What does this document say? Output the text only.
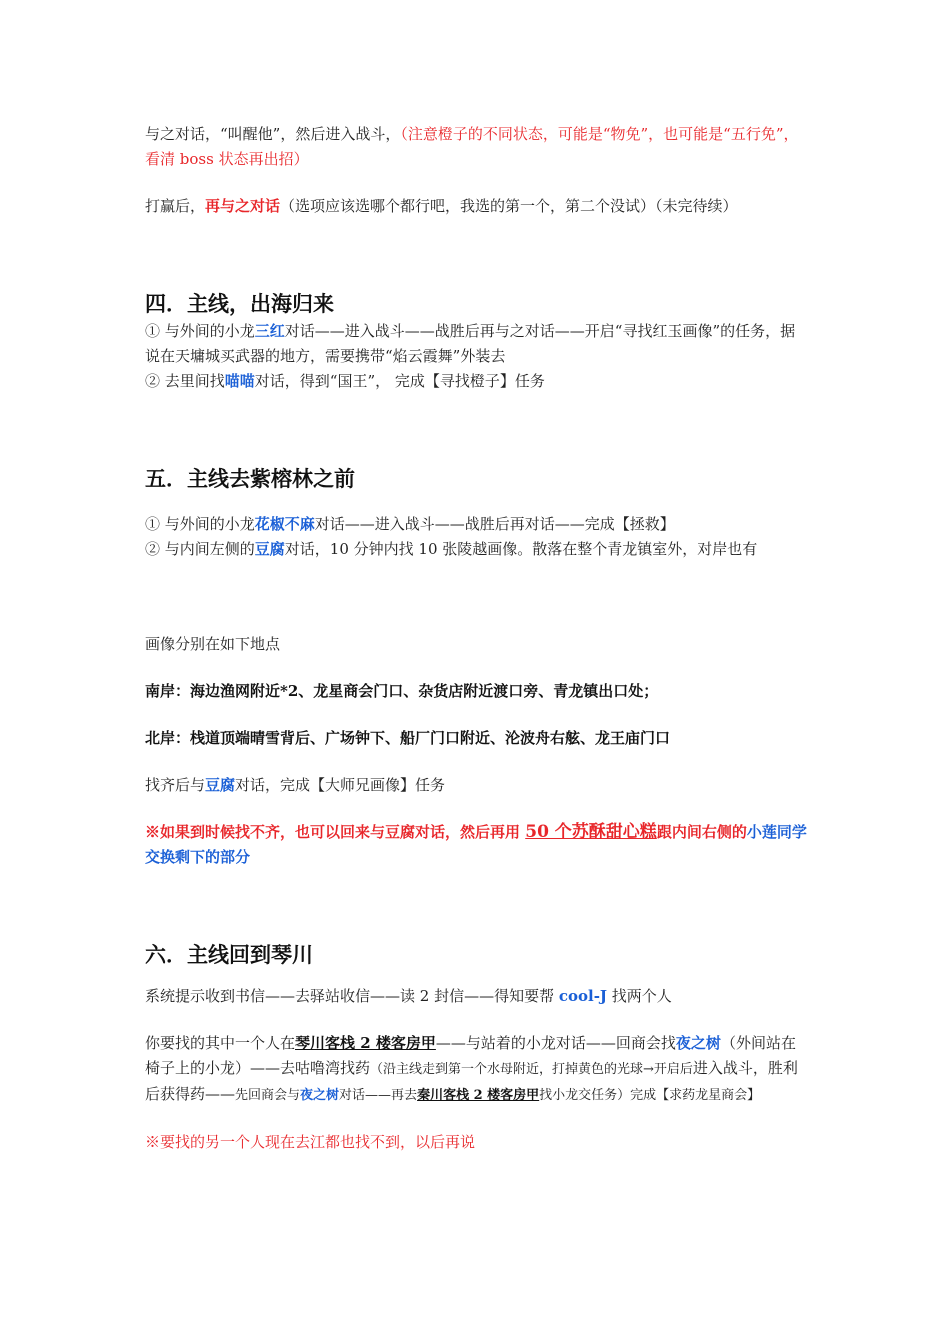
与之对话，“叫醒他”，然后进入战斗，（注意橙子的不同状态，可能是“物免”，也可能是“五行免”，看清 boss 状态再出招）

打赢后，再与之对话（选项应该选哪个都行吧，我选的第一个，第二个没试）（未完待续）

四．主线，出海归来

① 与外间的小龙三红对话——进入战斗——战胜后再与之对话——开启“寻找红玉画像”的任务，据说在天墉城买武器的地方，需要携带“焰云霞舞”外装去

② 去里间找喵喵对话，得到“国王”， 完成【寻找橙子】任务

五．主线去紫榕林之前

① 与外间的小龙花椒不麻对话——进入战斗——战胜后再对话——完成【拯救】

② 与内间左侧的豆腐对话，10 分钟内找 10 张陵越画像。散落在整个青龙镇室外，对岸也有

画像分别在如下地点

南岸：海边渔网附近*2、龙星商会门口、杂货店附近渡口旁、青龙镇出口处；

北岸：栈道顶端晴雪背后、广场钟下、船厂门口附近、沦波舟右舷、龙王庙门口

找齐后与豆腐对话，完成【大师兄画像】任务

※如果到时候找不齐，也可以回来与豆腐对话，然后再用 50 个苏酥甜心糕跟内间右侧的小莲同学交换剩下的部分

六．主线回到琴川

系统提示收到书信——去驿站收信——读 2 封信——得知要帮 cool-J 找两个人

你要找的其中一个人在琴川客栈 2 楼客房甲——与站着的小龙对话——回商会找夜之树（外间站在椅子上的小龙）——去咕噜湾找药（沿主线走到第一个水母附近，打掉黄色的光球→开启后进入战斗，胜利后获得药——先回商会与夜之树对话——再去秦川客栈 2 楼客房甲找小龙交任务）完成【求药龙星商会】

※要找的另一个人现在去江都也找不到，以后再说
